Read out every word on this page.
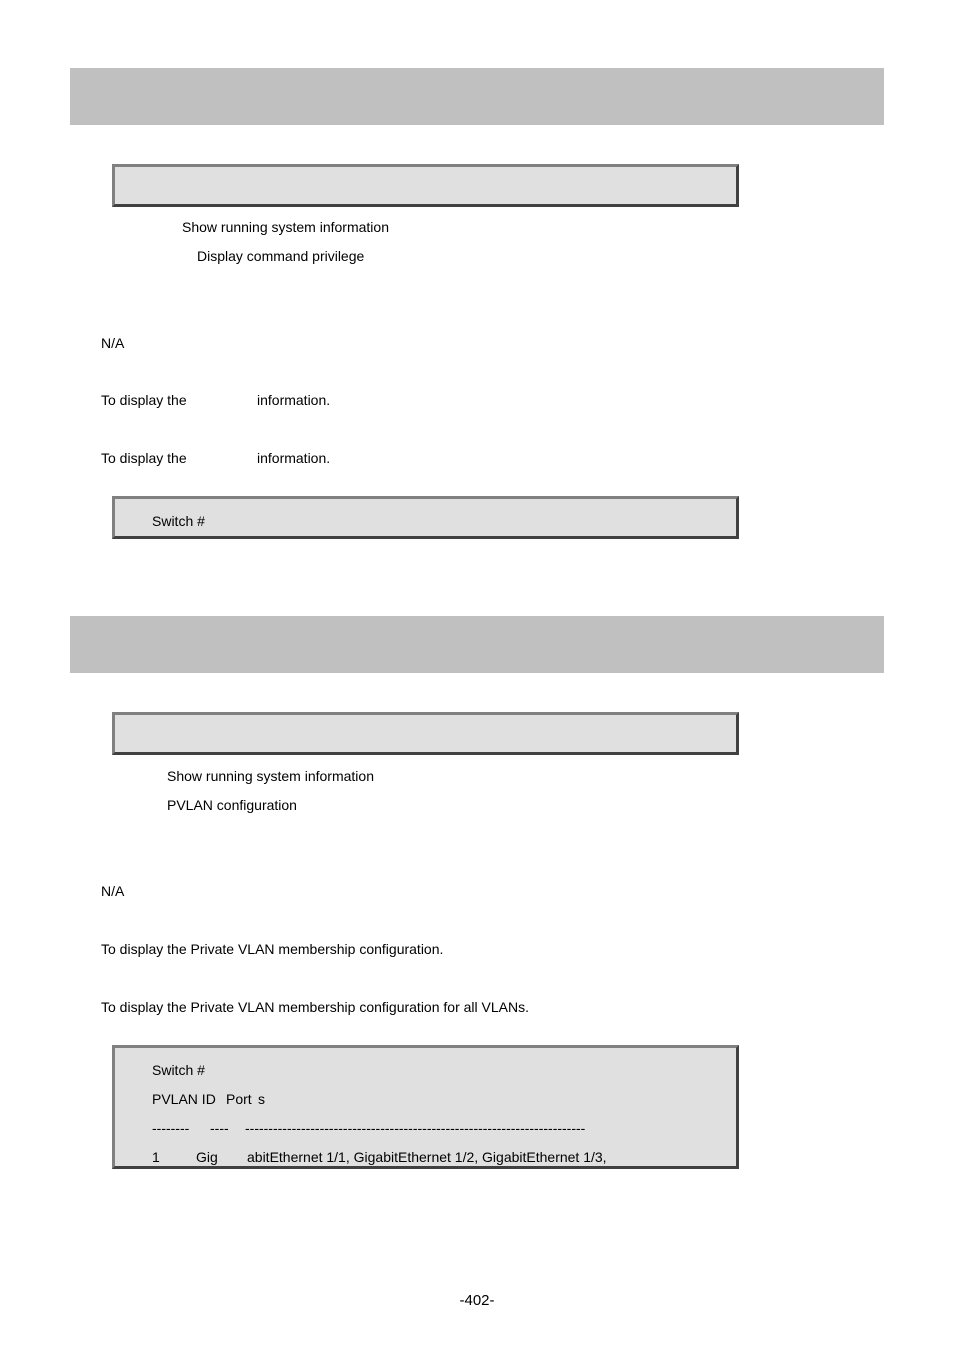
Show running system information
Display command privilege
N/A
To display the	information.
To display the	information.
Switch #
Show running system information
PVLAN configuration
N/A
To display the Private VLAN membership configuration.
To display the Private VLAN membership configuration for all VLANs.
Switch #
PVLAN ID Port s
-------- ---- -------------------------------------------------------------------------
1	Gig abitEthernet 1/1, GigabitEthernet 1/2, GigabitEthernet 1/3,
-402-
